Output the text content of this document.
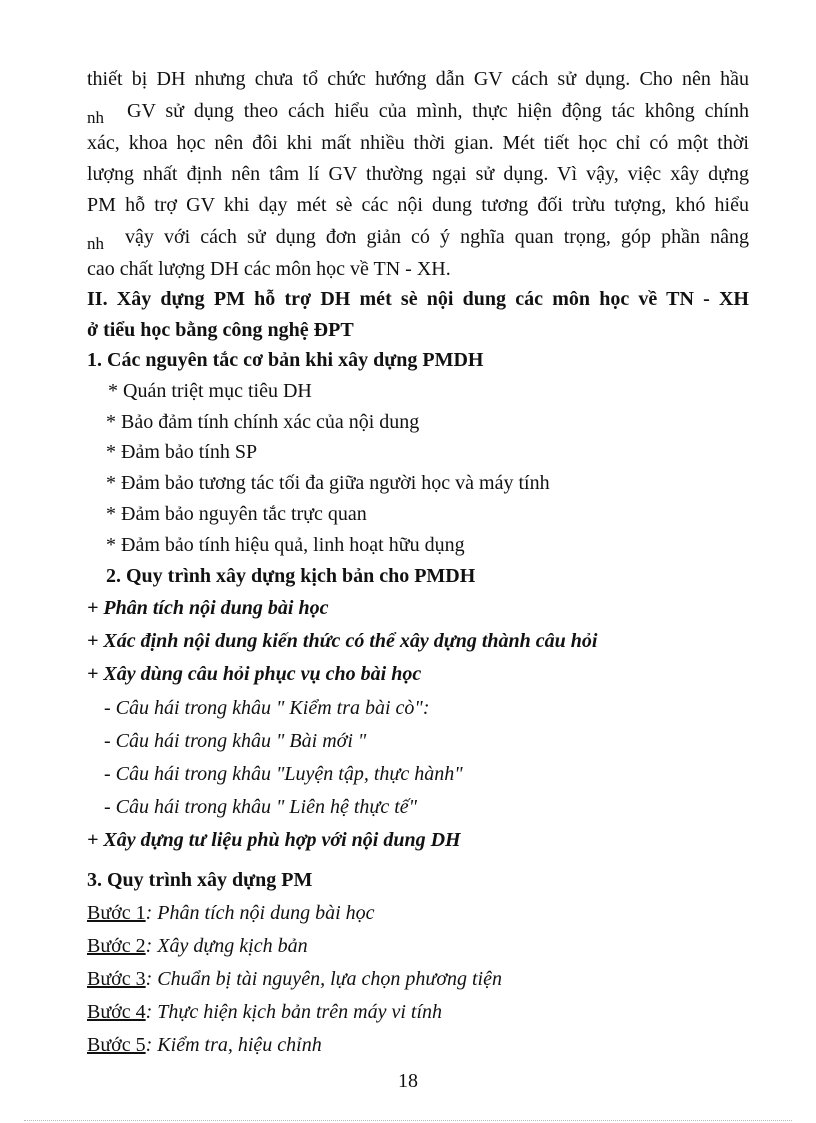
thiết bị DH nhưng chưa tổ chức hướng dẫn GV cách sử dụng. Cho nên hầu
$_{nh}$ GV sử dụng theo cách hiểu của mình, thực hiện động tác không chính
xác, khoa học nên đôi khi mất nhiều thời gian. Mét tiết học chỉ có một thời
lượng nhất định nên tâm lí GV thường ngại sử dụng. Vì vậy, việc xây dựng
PM hỗ trợ GV khi dạy mét sè các nội dung tương đối trừu tượng, khó hiểu
$_{nh}$ vậy với cách sử dụng đơn giản có ý nghĩa quan trọng, góp phần nâng
cao chất lượng DH các môn học về TN - XH.
II. Xây dựng PM hỗ trợ DH mét sè nội dung các môn học về TN - XH
ở tiểu học bằng công nghệ ĐPT
1. Các nguyên tắc cơ bản khi xây dựng PMDH
* Quán triệt mục tiêu DH
* Bảo đảm tính chính xác của nội dung
* Đảm bảo tính SP
* Đảm bảo tương tác tối đa giữa người học và máy tính
* Đảm bảo nguyên tắc trực quan
* Đảm bảo tính hiệu quả, linh hoạt hữu dụng
2. Quy trình xây dựng kịch bản cho PMDH
+ Phân tích nội dung bài học
+ Xác định nội dung kiến thức có thể xây dựng thành câu hỏi
+ Xây dùng câu hỏi phục vụ cho bài học
- Câu hái trong khâu " Kiểm tra bài cò":
- Câu hái trong khâu " Bài mới "
- Câu hái trong khâu "Luyện tập, thực hành"
- Câu hái trong khâu " Liên hệ thực tế"
+ Xây dựng tư liệu phù hợp với nội dung DH
3. Quy trình xây dựng PM
Bước 1: Phân tích nội dung bài học
Bước 2: Xây dựng kịch bản
Bước 3: Chuẩn bị tài nguyên, lựa chọn phương tiện
Bước 4: Thực hiện kịch bản trên máy vi tính
Bước 5: Kiểm tra, hiệu chỉnh
18
